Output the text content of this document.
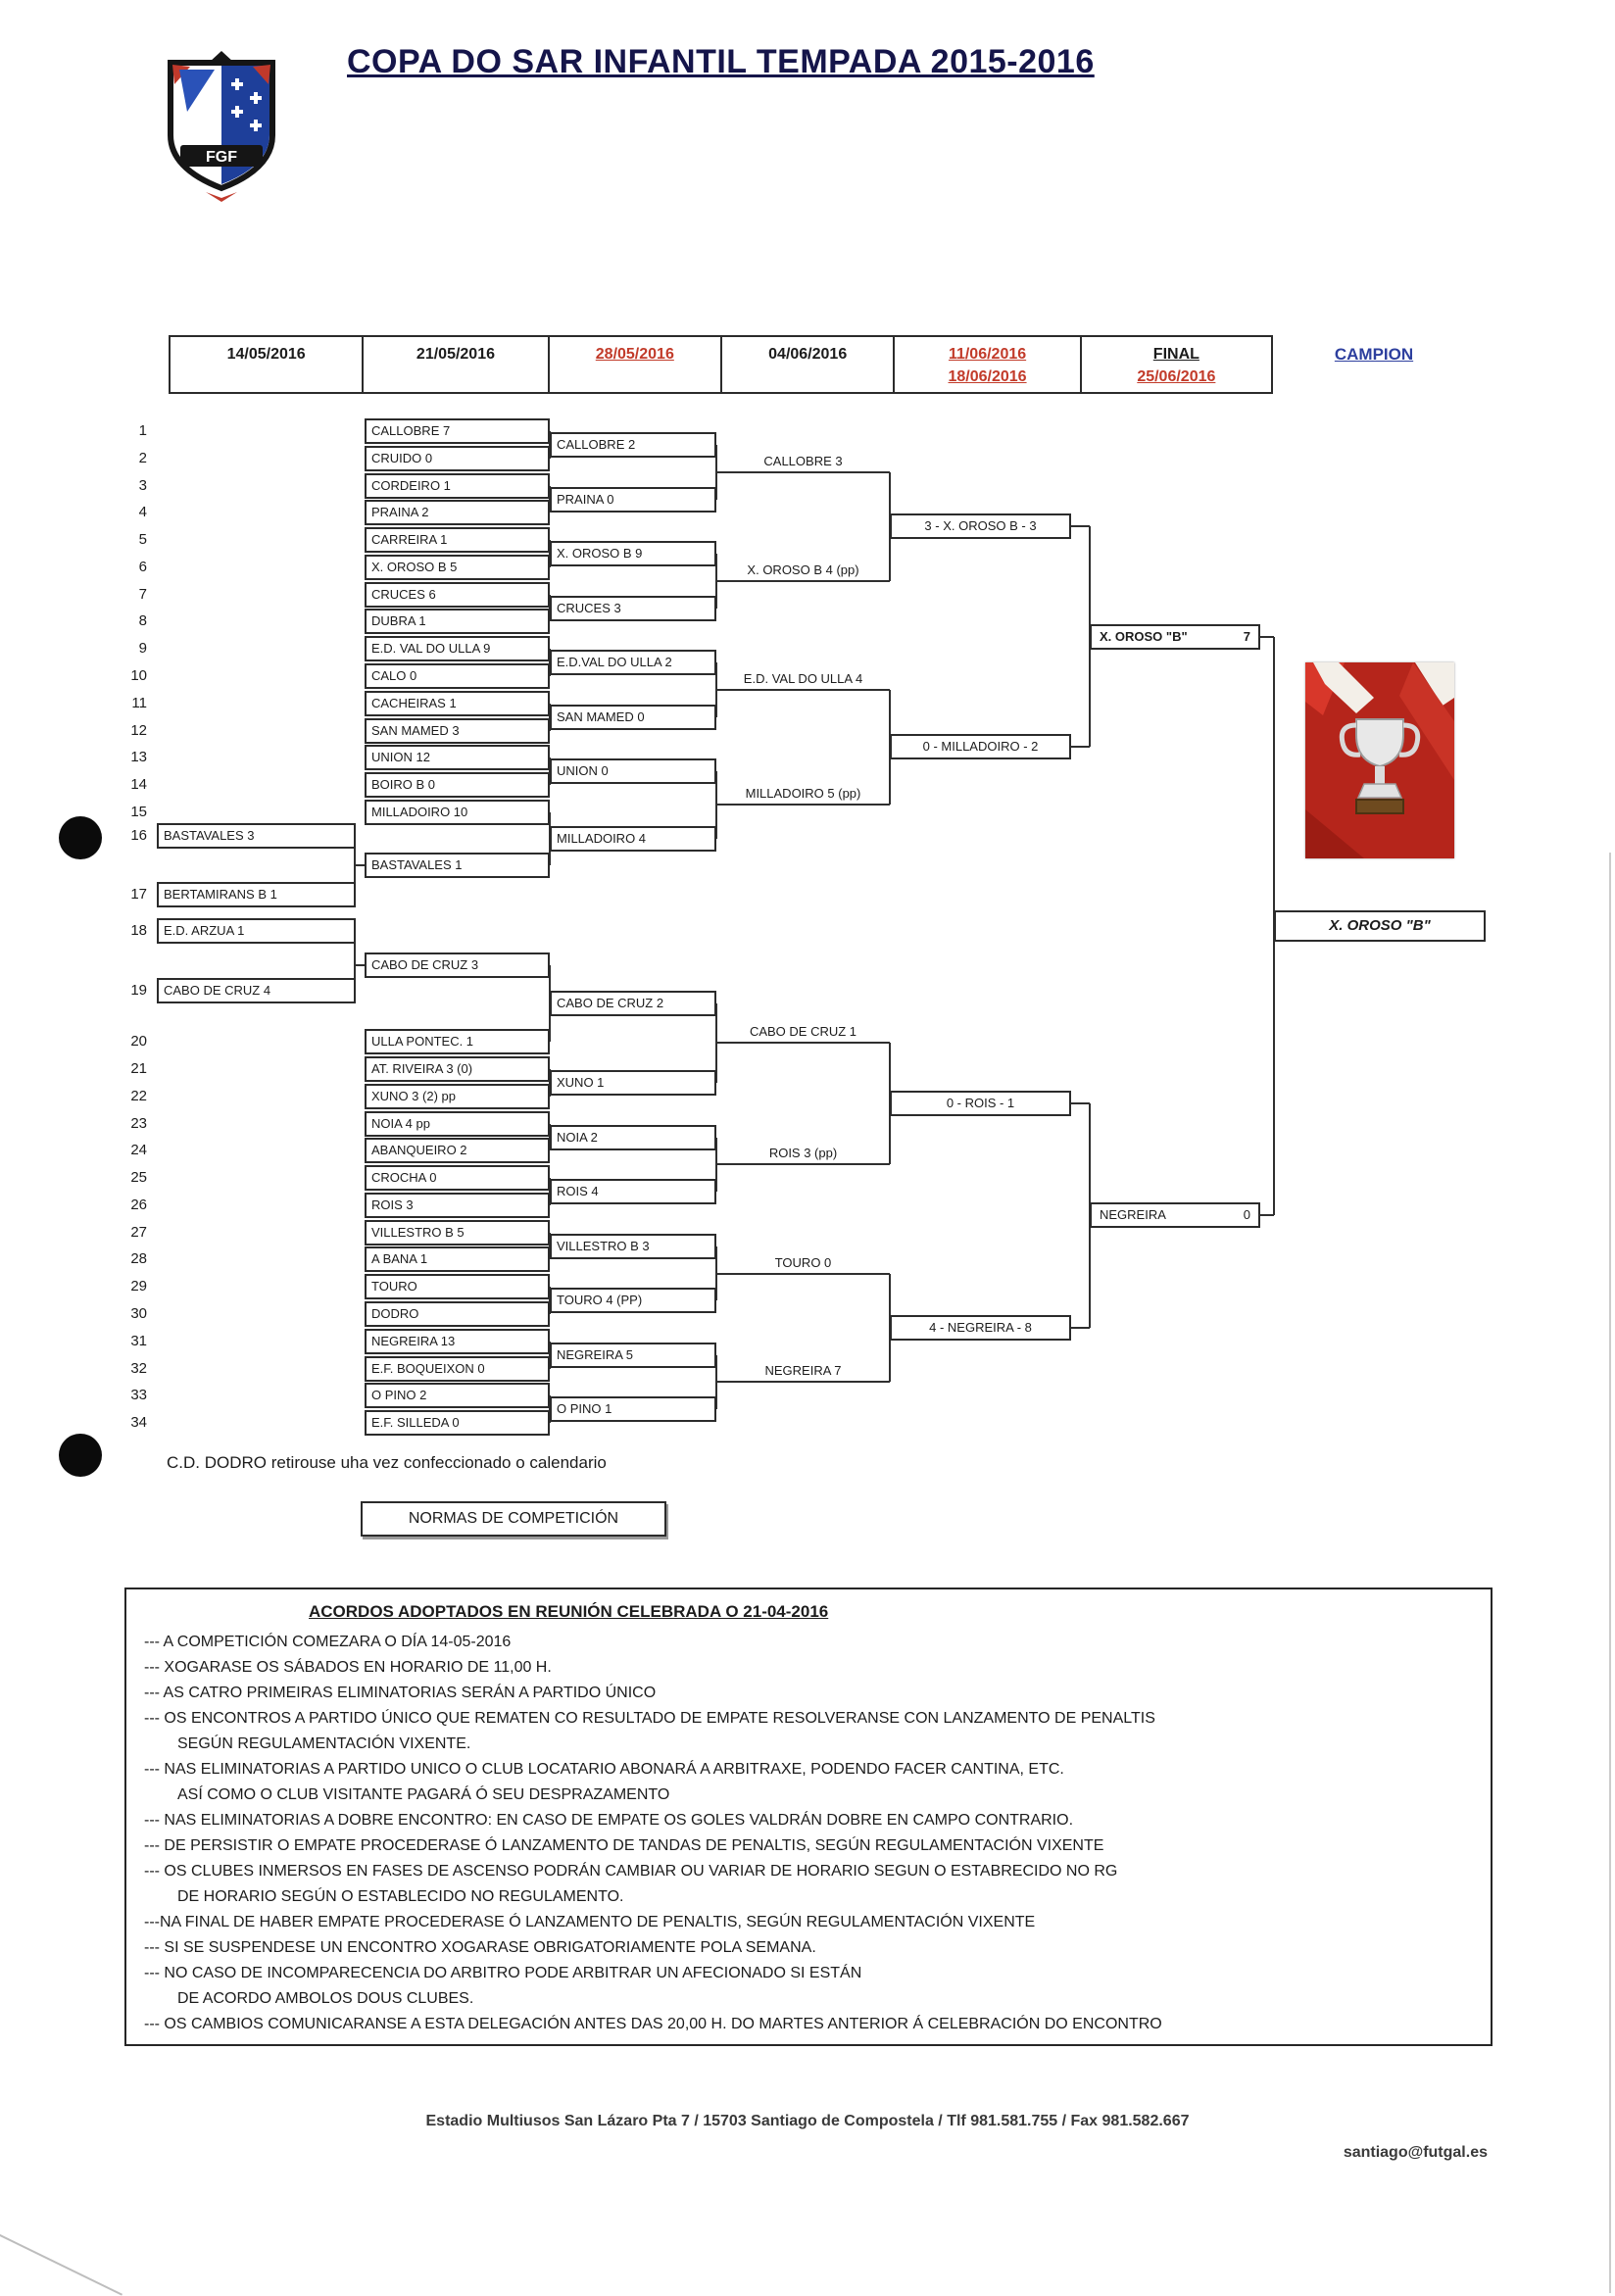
FGF
COPA DO SAR INFANTIL TEMPADA 2015-2016
14/05/2016	21/05/2016	28/05/2016	04/06/2016	11/06/2016
18/06/2016
FINAL
25/06/2016
CAMPION
1
2
3
4
5
6
7
8
9
10
11
12
13
14
15
16
17
18
19
20
21
22
23
24
25
26
27
28
29
30
31
32
33
34
BASTAVALES 3
BERTAMIRANS B 1
E.D. ARZUA 1
CABO DE CRUZ 4
CALLOBRE 7
CRUIDO 0
CORDEIRO 1
PRAINA 2
CARREIRA 1
X. OROSO B 5
CRUCES 6
DUBRA 1
E.D. VAL DO ULLA 9
CALO 0
CACHEIRAS 1
SAN MAMED 3
UNION 12
BOIRO B 0
MILLADOIRO 10
BASTAVALES 1
CABO DE CRUZ 3
ULLA PONTEC. 1
AT. RIVEIRA 3 (0)
XUNO 3 (2) pp
NOIA 4 pp
ABANQUEIRO 2
CROCHA 0
ROIS 3
VILLESTRO B 5
A BANA 1
TOURO
DODRO
NEGREIRA 13
E.F. BOQUEIXON 0
O PINO 2
E.F. SILLEDA 0
CALLOBRE 2
PRAINA 0
X. OROSO B 9
CRUCES 3
E.D.VAL DO ULLA 2
SAN MAMED 0
UNION 0
MILLADOIRO 4
CABO DE CRUZ 2
XUNO 1
NOIA 2
ROIS 4
VILLESTRO B 3
TOURO 4 (PP)
NEGREIRA 5
O PINO 1
CALLOBRE 3
X. OROSO B 4 (pp)
E.D. VAL DO ULLA 4
MILLADOIRO 5 (pp)
CABO DE CRUZ 1
ROIS 3 (pp)
TOURO 0
NEGREIRA 7
3 - X. OROSO B - 3
0 - MILLADOIRO - 2
0 - ROIS - 1
4 - NEGREIRA - 8
X. OROSO "B"	7
NEGREIRA	0
X. OROSO "B"
C.D. DODRO retirouse uha vez confeccionado o calendario
NORMAS DE COMPETICIÓN
ACORDOS ADOPTADOS EN REUNIÓN CELEBRADA O 21-04-2016
--- A COMPETICIÓN COMEZARA O DÍA 14-05-2016
--- XOGARASE OS SÁBADOS EN HORARIO DE 11,00 H.
--- AS CATRO PRIMEIRAS ELIMINATORIAS SERÁN A PARTIDO ÚNICO
--- OS ENCONTROS A PARTIDO ÚNICO QUE REMATEN CO RESULTADO DE EMPATE RESOLVERANSE CON LANZAMENTO DE PENALTIS
SEGÚN REGULAMENTACIÓN VIXENTE.
--- NAS ELIMINATORIAS A PARTIDO UNICO O CLUB LOCATARIO ABONARÁ A ARBITRAXE, PODENDO FACER CANTINA, ETC.
ASÍ COMO O CLUB VISITANTE PAGARÁ Ó SEU DESPRAZAMENTO
--- NAS ELIMINATORIAS A DOBRE ENCONTRO: EN CASO DE EMPATE OS GOLES VALDRÁN DOBRE EN CAMPO CONTRARIO.
--- DE PERSISTIR O EMPATE PROCEDERASE Ó LANZAMENTO DE TANDAS DE PENALTIS, SEGÚN REGULAMENTACIÓN VIXENTE
--- OS CLUBES INMERSOS EN FASES DE ASCENSO PODRÁN CAMBIAR OU VARIAR DE HORARIO SEGUN O ESTABRECIDO NO RG
DE HORARIO SEGÚN O ESTABLECIDO NO REGULAMENTO.
---NA FINAL DE HABER EMPATE PROCEDERASE Ó LANZAMENTO DE PENALTIS, SEGÚN REGULAMENTACIÓN VIXENTE
--- SI SE SUSPENDESE UN ENCONTRO XOGARASE OBRIGATORIAMENTE POLA SEMANA.
--- NO CASO DE INCOMPARECENCIA DO ARBITRO PODE ARBITRAR UN AFECIONADO SI ESTÁN
DE ACORDO AMBOLOS DOUS CLUBES.
--- OS CAMBIOS COMUNICARANSE A ESTA DELEGACIÓN ANTES DAS 20,00 H. DO MARTES ANTERIOR Á CELEBRACIÓN DO ENCONTRO
Estadio Multiusos San Lázaro Pta 7 / 15703 Santiago de Compostela / Tlf 981.581.755 / Fax 981.582.667
santiago@futgal.es
